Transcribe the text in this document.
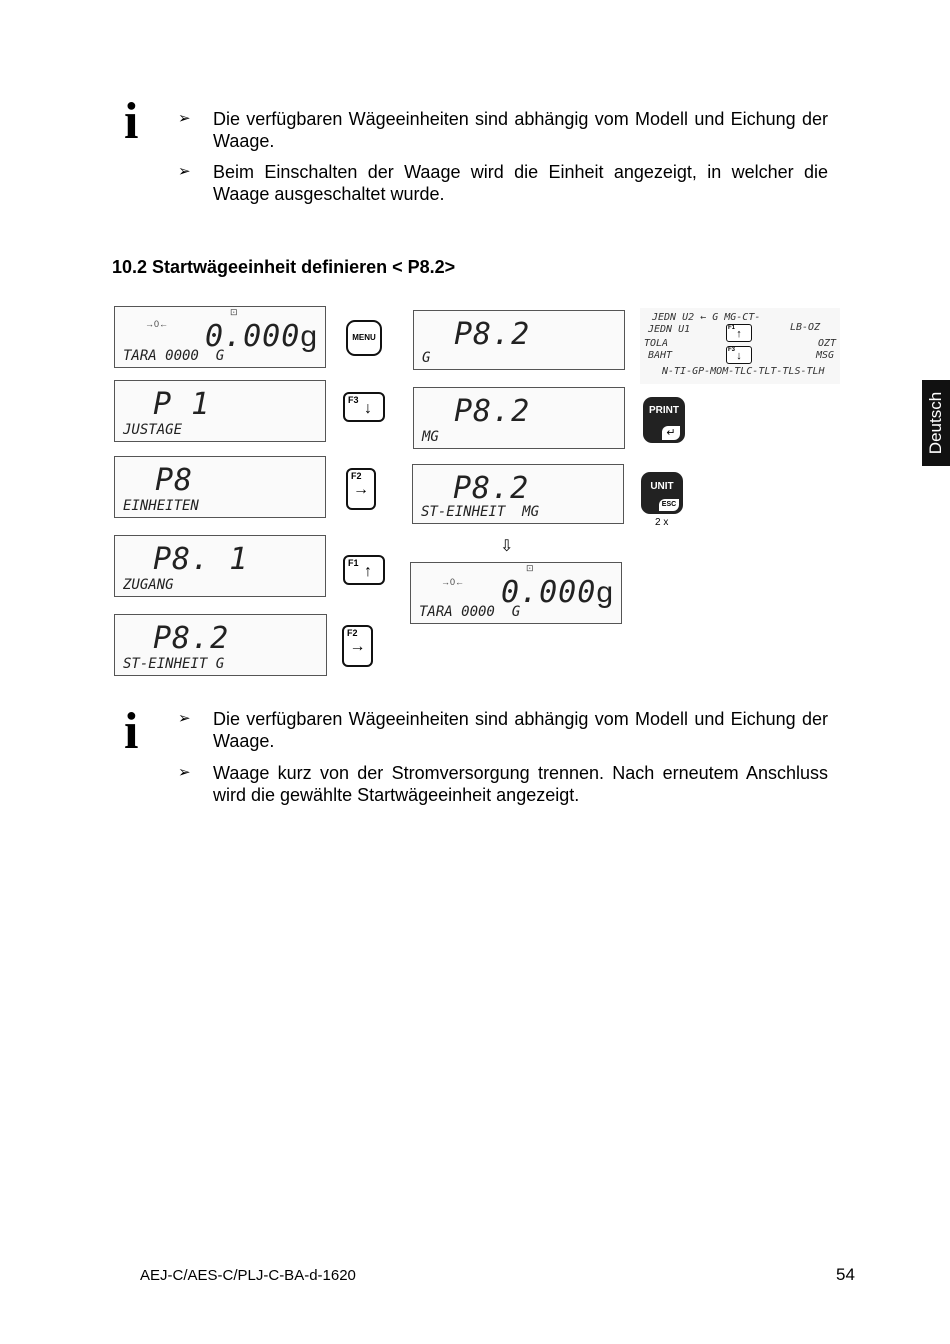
Deutsch
i	➢ Die verfügbaren Wägeeinheiten sind abhängig vom Modell und Eichung der Waage.
➢ Beim Einschalten der Waage wird die Einheit angezeigt, in welcher die Waage ausgeschaltet wurde.
10.2 Startwägeeinheit definieren < P8.2>
⊡
→0← 0.000g
TARA 0000  G
P 1
JUSTAGE
P8
EINHEITEN
P8. 1
ZUGANG
P8.2
ST-EINHEIT G
MENU
F3 ↓
F2
→
F1 ↑
F2
→
P8.2
G
P8.2
MG
P8.2
ST-EINHEIT  MG
⇩
⊡
→0← 0.000g
TARA 0000  G
JEDN U2 ← G MG-CT-
LB-OZ
JEDN U1
TOLA	OZT
BAHT	MSG
N-TI-GP-MOM-TLC-TLT-TLS-TLH
F1 ↑
F3 ↓
PRINT
↵
UNIT
ESC
2 x
i	➢ Die verfügbaren Wägeeinheiten sind abhängig vom Modell und Eichung der Waage.
➢ Waage kurz von der Stromversorgung trennen. Nach erneutem Anschluss wird die gewählte Startwägeeinheit angezeigt.
AEJ-C/AES-C/PLJ-C-BA-d-1620	54
